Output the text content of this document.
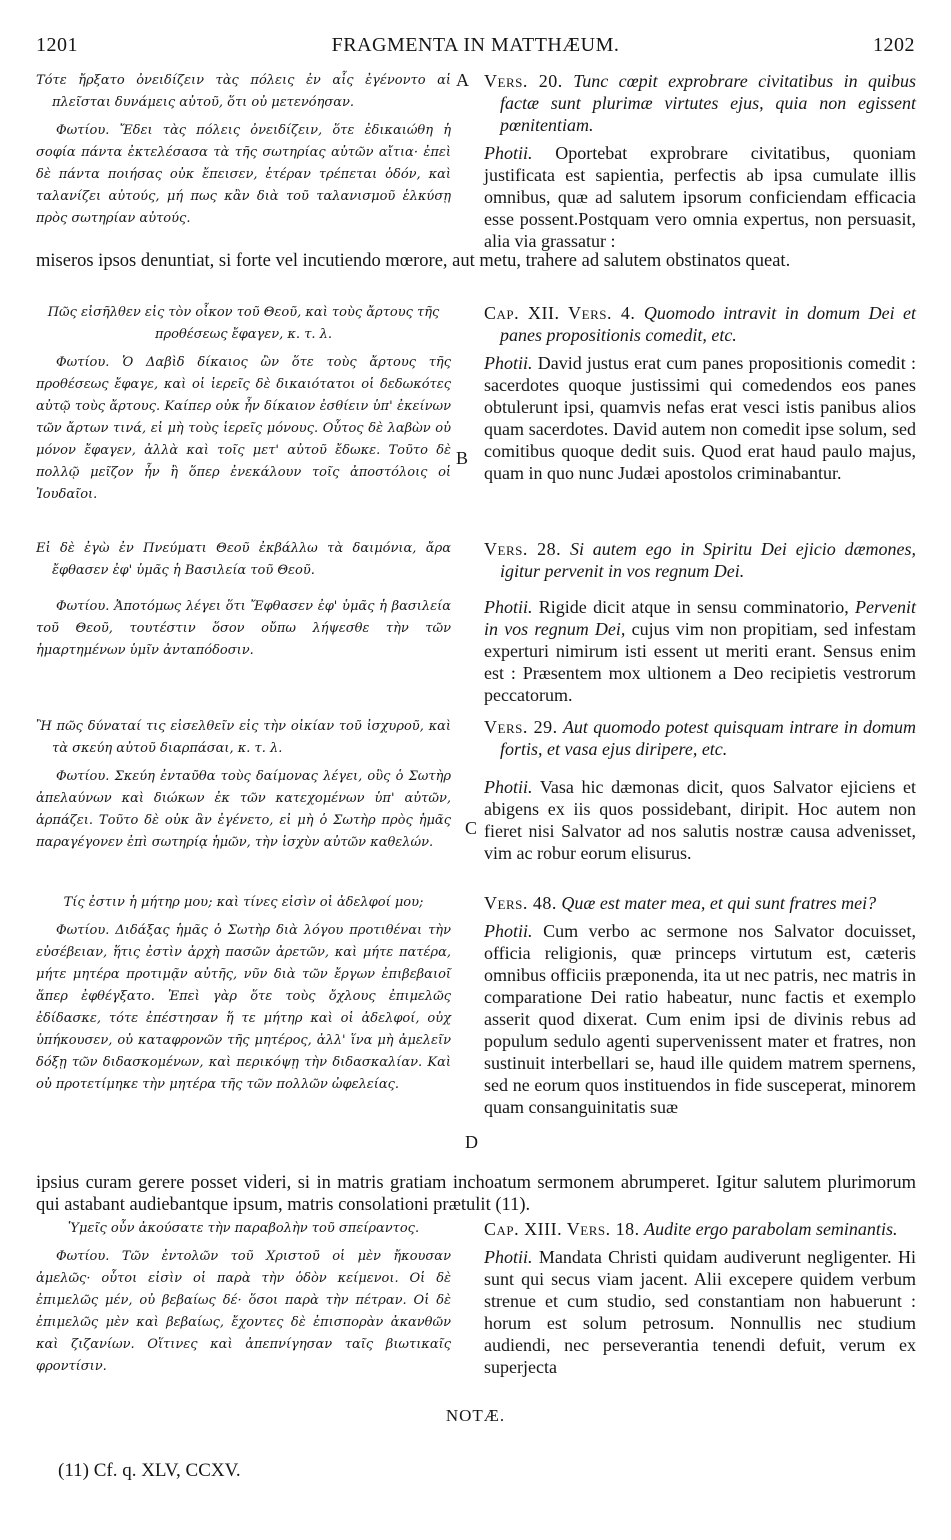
1201	FRAGMENTA IN MATTHÆUM.	1202
A
B
C
D

Τότε ἤρξατο ὀνειδίζειν τὰς πόλεις ἐν αἷς ἐγένοντο αἱ πλεῖσται δυνάμεις αὐτοῦ, ὅτι οὐ μετενόησαν.

Φωτίου. Ἔδει τὰς πόλεις ὀνειδίζειν, ὅτε ἐδικαιώθη ἡ σοφία πάντα ἐκτελέσασα τὰ τῆς σωτηρίας αὐτῶν αἴτια· ἐπεὶ δὲ πάντα ποιήσας οὐκ ἔπεισεν, ἑτέραν τρέπεται ὁδόν, καὶ ταλανίζει αὐτούς, μή πως κἂν διὰ τοῦ ταλανισμοῦ ἑλκύσῃ πρὸς σωτηρίαν αὐτούς.

Vers. 20. Tunc cœpit exprobrare civitatibus in quibus factæ sunt plurimæ virtutes ejus, quia non egissent pœnitentiam.

Photii. Oportebat exprobrare civitatibus, quoniam justificata est sapientia, perfectis ab ipsa cumulate illis omnibus, quæ ad salutem ipsorum conficiendam efficacia esse possent.Postquam vero omnia expertus, non persuasit, alia via grassatur :

miseros ipsos denuntiat, si forte vel incutiendo mœrore, aut metu, trahere ad salutem obstinatos queat.

Πῶς εἰσῆλθεν εἰς τὸν οἶκον τοῦ Θεοῦ, καὶ τοὺς ἄρτους τῆς προθέσεως ἔφαγεν, κ. τ. λ.

Φωτίου. Ὁ Δαβὶδ δίκαιος ὢν ὅτε τοὺς ἄρτους τῆς προθέσεως ἔφαγε, καὶ οἱ ἱερεῖς δὲ δικαιότατοι οἱ δεδωκότες αὐτῷ τοὺς ἄρτους. Καίπερ οὐκ ἦν δίκαιον ἐσθίειν ὑπ' ἐκείνων τῶν ἄρτων τινά, εἰ μὴ τοὺς ἱερεῖς μόνους. Οὗτος δὲ λαβὼν οὐ μόνον ἔφαγεν, ἀλλὰ καὶ τοῖς μετ' αὐτοῦ ἔδωκε. Τοῦτο δὲ πολλῷ μεῖζον ἦν ἢ ὅπερ ἐνεκάλουν τοῖς ἀποστόλοις οἱ Ἰουδαῖοι.

Cap. XII. Vers. 4. Quomodo intravit in domum Dei et panes propositionis comedit, etc.

Photii. David justus erat cum panes propositionis comedit : sacerdotes quoque justissimi qui comedendos eos panes obtulerunt ipsi, quamvis nefas erat vesci istis panibus alios quam sacerdotes. David autem non comedit ipse solum, sed comitibus quoque dedit suis. Quod erat haud paulo majus, quam in quo nunc Judæi apostolos criminabantur.

Εἰ δὲ ἐγὼ ἐν Πνεύματι Θεοῦ ἐκβάλλω τὰ δαιμόνια, ἄρα ἔφθασεν ἐφ' ὑμᾶς ἡ Βασιλεία τοῦ Θεοῦ.

Φωτίου. Ἀποτόμως λέγει ὅτι Ἔφθασεν ἐφ' ὑμᾶς ἡ βασιλεία τοῦ Θεοῦ, τουτέστιν ὅσον οὔπω λήψεσθε τὴν τῶν ἡμαρτημένων ὑμῖν ἀνταπόδοσιν.

Vers. 28. Si autem ego in Spiritu Dei ejicio dæmones, igitur pervenit in vos regnum Dei.

Photii. Rigide dicit atque in sensu comminatorio, Pervenit in vos regnum Dei, cujus vim non propitiam, sed infestam experturi nimirum isti essent ut meriti erant. Sensus enim est : Præsentem mox ultionem a Deo recipietis vestrorum peccatorum.

Ἢ πῶς δύναταί τις εἰσελθεῖν εἰς τὴν οἰκίαν τοῦ ἰσχυροῦ, καὶ τὰ σκεύη αὐτοῦ διαρπάσαι, κ. τ. λ.

Φωτίου. Σκεύη ἐνταῦθα τοὺς δαίμονας λέγει, οὓς ὁ Σωτὴρ ἀπελαύνων καὶ διώκων ἐκ τῶν κατεχομένων ὑπ' αὐτῶν, ἁρπάζει. Τοῦτο δὲ οὐκ ἂν ἐγένετο, εἰ μὴ ὁ Σωτὴρ πρὸς ἡμᾶς παραγέγονεν ἐπὶ σωτηρίᾳ ἡμῶν, τὴν ἰσχὺν αὐτῶν καθελών.

Vers. 29. Aut quomodo potest quisquam intrare in domum fortis, et vasa ejus diripere, etc.

Photii. Vasa hic dæmonas dicit, quos Salvator ejiciens et abigens ex iis quos possidebant, diripit. Hoc autem non fieret nisi Salvator ad nos salutis nostræ causa advenisset, vim ac robur eorum elisurus.

Τίς ἐστιν ἡ μήτηρ μου; καὶ τίνες εἰσὶν οἱ ἀδελφοί μου;

Φωτίου. Διδάξας ἡμᾶς ὁ Σωτὴρ διὰ λόγου προτιθέναι τὴν εὐσέβειαν, ἥτις ἐστὶν ἀρχὴ πασῶν ἀρετῶν, καὶ μήτε πατέρα, μήτε μητέρα προτιμᾷν αὐτῆς, νῦν διὰ τῶν ἔργων ἐπιβεβαιοῖ ἅπερ ἐφθέγξατο. Ἐπεὶ γὰρ ὅτε τοὺς ὄχλους ἐπιμελῶς ἐδίδασκε, τότε ἐπέστησαν ἥ τε μήτηρ καὶ οἱ ἀδελφοί, οὐχ ὑπήκουσεν, οὐ καταφρονῶν τῆς μητέρος, ἀλλ' ἵνα μὴ ἀμελεῖν δόξῃ τῶν διδασκομένων, καὶ περικόψῃ τὴν διδασκαλίαν. Καὶ οὐ προτετίμηκε τὴν μητέρα τῆς τῶν πολλῶν ὠφελείας.

Vers. 48. Quæ est mater mea, et qui sunt fratres mei?

Photii. Cum verbo ac sermone nos Salvator docuisset, officia religionis, quæ princeps virtutum est, cæteris omnibus officiis præponenda, ita ut nec patris, nec matris in comparatione Dei ratio habeatur, nunc factis et exemplo asserit quod dixerat. Cum enim ipsi de divinis rebus ad populum sedulo agenti supervenissent mater et fratres, non sustinuit interbellari se, haud ille quidem matrem spernens, sed ne eorum quos instituendos in fide susceperat, minorem quam consanguinitatis suæ

ipsius curam gerere posset videri, si in matris gratiam inchoatum sermonem abrumperet. Igitur salutem plurimorum qui astabant audiebantque ipsum, matris consolationi prætulit (11).

Ὑμεῖς οὖν ἀκούσατε τὴν παραβολὴν τοῦ σπείραντος.

Φωτίου. Τῶν ἐντολῶν τοῦ Χριστοῦ οἱ μὲν ἤκουσαν ἀμελῶς· οὗτοι εἰσὶν οἱ παρὰ τὴν ὁδὸν κείμενοι. Οἱ δὲ ἐπιμελῶς μέν, οὐ βεβαίως δέ· ὅσοι παρὰ τὴν πέτραν. Οἱ δὲ ἐπιμελῶς μὲν καὶ βεβαίως, ἔχοντες δὲ ἐπισπορὰν ἀκανθῶν καὶ ζιζανίων. Οἵτινες καὶ ἀπεπνίγησαν ταῖς βιωτικαῖς φροντίσιν.

Cap. XIII. Vers. 18. Audite ergo parabolam seminantis.

Photii. Mandata Christi quidam audiverunt negligenter. Hi sunt qui secus viam jacent. Alii excepere quidem verbum strenue et cum studio, sed constantiam non habuerunt : horum est solum petrosum. Nonnullis nec studium audiendi, nec perseverantia tenendi defuit, verum ex superjecta

NOTÆ.
(11) Cf. q. XLV, CCXV.
